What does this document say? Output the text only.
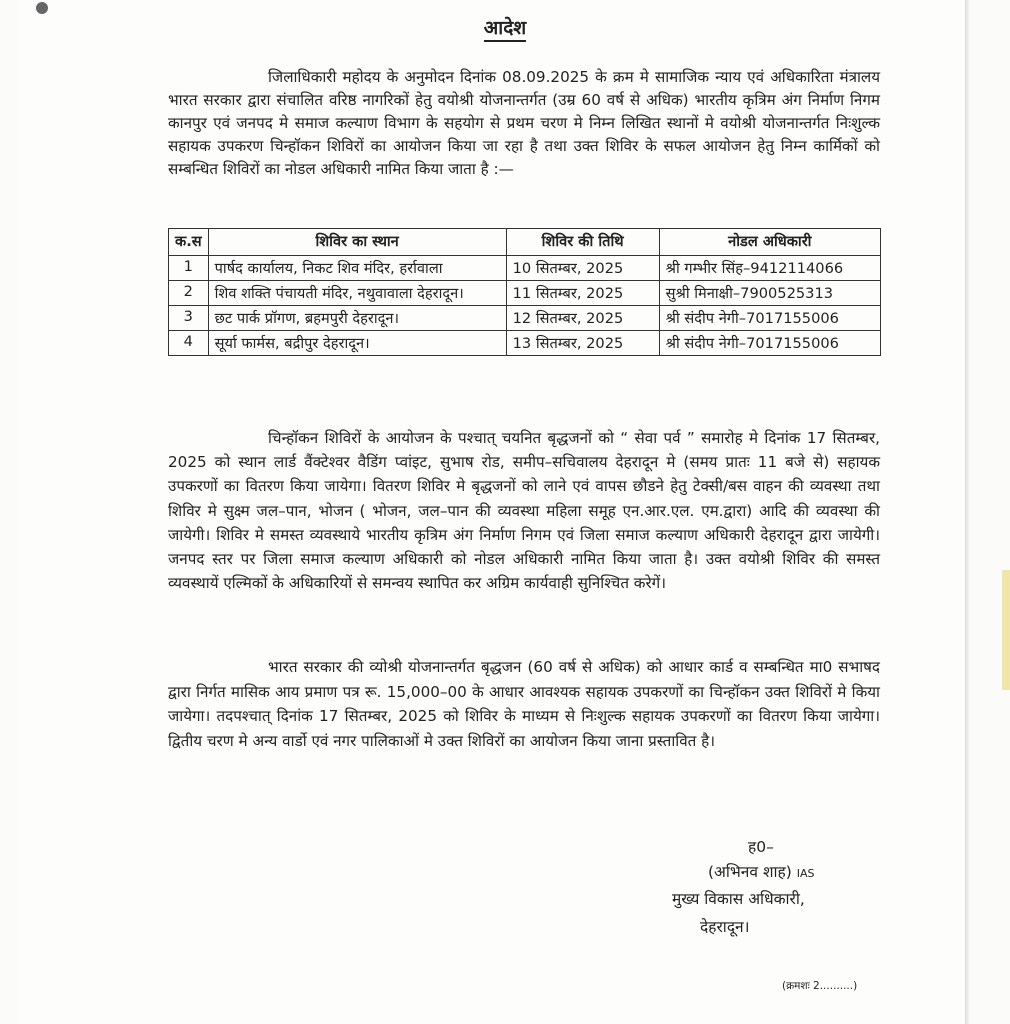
आदेश

जिलाधिकारी महोदय के अनुमोदन दिनांक 08.09.2025 के क्रम मे सामाजिक न्याय एवं अधिकारिता मंत्रालय भारत सरकार द्वारा संचालित वरिष्ठ नागरिकों हेतु वयोश्री योजनान्तर्गत (उम्र 60 वर्ष से अधिक) भारतीय कृत्रिम अंग निर्माण निगम कानपुर एवं जनपद मे समाज कल्याण विभाग के सहयोग से प्रथम चरण मे निम्न लिखित स्थानों मे वयोश्री योजनान्तर्गत निःशुल्क सहायक उपकरण चिन्हॉकन शिविरों का आयोजन किया जा रहा है तथा उक्त शिविर के सफल आयोजन हेतु निम्न कार्मिकों को सम्बन्धित शिविरों का नोडल अधिकारी नामित किया जाता है :—

क.स	शिविर का स्थान	शिविर की तिथि	नोडल अधिकारी
1	पार्षद कार्यालय, निकट शिव मंदिर, हर्रावाला	10 सितम्बर, 2025	श्री गम्भीर सिंह–9412114066
2	शिव शक्ति पंचायती मंदिर, नथुवावाला देहरादून।	11 सितम्बर, 2025	सुश्री मिनाक्षी–7900525313
3	छट पार्क प्रॉगण, ब्रहमपुरी देहरादून।	12 सितम्बर, 2025	श्री संदीप नेगी–7017155006
4	सूर्या फार्मस, बद्रीपुर देहरादून।	13 सितम्बर, 2025	श्री संदीप नेगी–7017155006

चिन्हॉकन शिविरों के आयोजन के पश्चात् चयनित बृद्धजनों को “ सेवा पर्व ” समारोह मे दिनांक 17 सितम्बर, 2025 को स्थान लार्ड वैंक्टेश्वर वैडिंग प्वांइट, सुभाष रोड, समीप–सचिवालय देहरादून मे (समय प्रातः 11 बजे से) सहायक उपकरणों का वितरण किया जायेगा। वितरण शिविर मे बृद्धजनों को लाने एवं वापस छौडने हेतु टेक्सी/बस वाहन की व्यवस्था तथा शिविर मे सुक्ष्म जल–पान, भोजन ( भोजन, जल–पान की व्यवस्था महिला समूह एन.आर.एल. एम.द्वारा) आदि की व्यवस्था की जायेगी। शिविर मे समस्त व्यवस्थाये भारतीय कृत्रिम अंग निर्माण निगम एवं जिला समाज कल्याण अधिकारी देहरादून द्वारा जायेगी। जनपद स्तर पर जिला समाज कल्याण अधिकारी को नोडल अधिकारी नामित किया जाता है। उक्त वयोश्री शिविर की समस्त व्यवस्थायें एल्मिकों के अधिकारियों से समन्वय स्थापित कर अग्रिम कार्यवाही सुनिश्चित करेगें।

भारत सरकार की व्योश्री योजनान्तर्गत बृद्धजन (60 वर्ष से अधिक) को आधार कार्ड व सम्बन्धित मा0 सभाषद द्वारा निर्गत मासिक आय प्रमाण पत्र रू. 15,000–00 के आधार आवश्यक सहायक उपकरणों का चिन्हॉकन उक्त शिविरों मे किया जायेगा। तदपश्चात् दिनांक 17 सितम्बर, 2025 को शिविर के माध्यम से निःशुल्क सहायक उपकरणों का वितरण किया जायेगा। द्वितीय चरण मे अन्य वार्डो एवं नगर पालिकाओं मे उक्त शिविरों का आयोजन किया जाना प्रस्तावित है।

ह0–
(अभिनव शाह) IAS
मुख्य विकास अधिकारी,
देहरादून।
(क्रमशः 2..........)
